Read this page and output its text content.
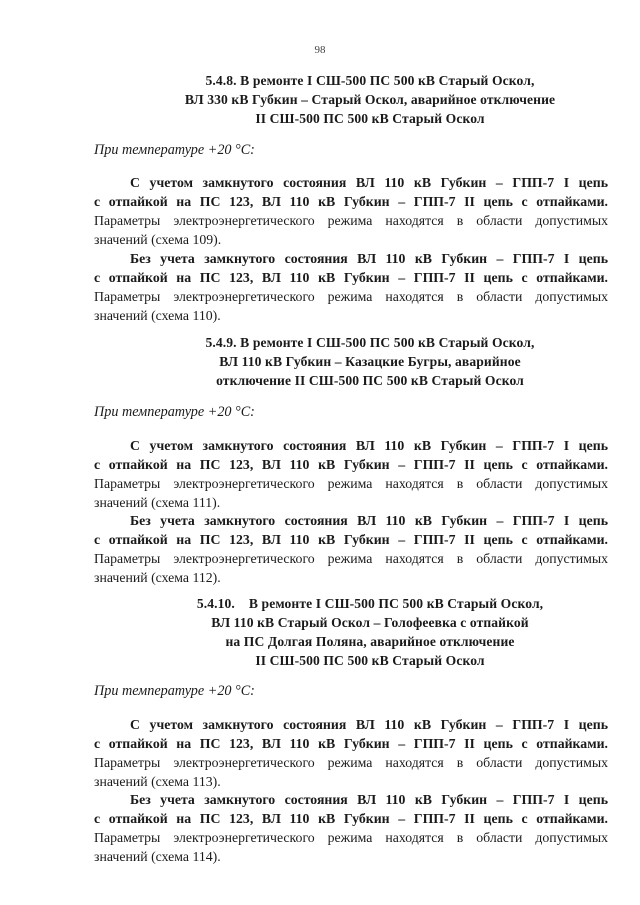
98
5.4.8. В ремонте I СШ-500 ПС 500 кВ Старый Оскол,
ВЛ 330 кВ Губкин – Старый Оскол, аварийное отключение
II СШ-500 ПС 500 кВ Старый Оскол
При температуре +20 °С:
С учетом замкнутого состояния ВЛ 110 кВ Губкин – ГПП-7 I цепь
с отпайкой на ПС 123, ВЛ 110 кВ Губкин – ГПП-7 II цепь с отпайками.
Параметры электроэнергетического режима находятся в области допустимых
значений (схема 109).
Без учета замкнутого состояния ВЛ 110 кВ Губкин – ГПП-7 I цепь
с отпайкой на ПС 123, ВЛ 110 кВ Губкин – ГПП-7 II цепь с отпайками.
Параметры электроэнергетического режима находятся в области допустимых
значений (схема 110).
5.4.9. В ремонте I СШ-500 ПС 500 кВ Старый Оскол,
ВЛ 110 кВ Губкин – Казацкие Бугры, аварийное
отключение II СШ-500 ПС 500 кВ Старый Оскол
При температуре +20 °С:
С учетом замкнутого состояния ВЛ 110 кВ Губкин – ГПП-7 I цепь
с отпайкой на ПС 123, ВЛ 110 кВ Губкин – ГПП-7 II цепь с отпайками.
Параметры электроэнергетического режима находятся в области допустимых
значений (схема 111).
Без учета замкнутого состояния ВЛ 110 кВ Губкин – ГПП-7 I цепь
с отпайкой на ПС 123, ВЛ 110 кВ Губкин – ГПП-7 II цепь с отпайками.
Параметры электроэнергетического режима находятся в области допустимых
значений (схема 112).
5.4.10.    В ремонте I СШ-500 ПС 500 кВ Старый Оскол,
ВЛ 110 кВ Старый Оскол – Голофеевка с отпайкой
на ПС Долгая Поляна, аварийное отключение
II СШ-500 ПС 500 кВ Старый Оскол
При температуре +20 °С:
С учетом замкнутого состояния ВЛ 110 кВ Губкин – ГПП-7 I цепь
с отпайкой на ПС 123, ВЛ 110 кВ Губкин – ГПП-7 II цепь с отпайками.
Параметры электроэнергетического режима находятся в области допустимых
значений (схема 113).
Без учета замкнутого состояния ВЛ 110 кВ Губкин – ГПП-7 I цепь
с отпайкой на ПС 123, ВЛ 110 кВ Губкин – ГПП-7 II цепь с отпайками.
Параметры электроэнергетического режима находятся в области допустимых
значений (схема 114).
